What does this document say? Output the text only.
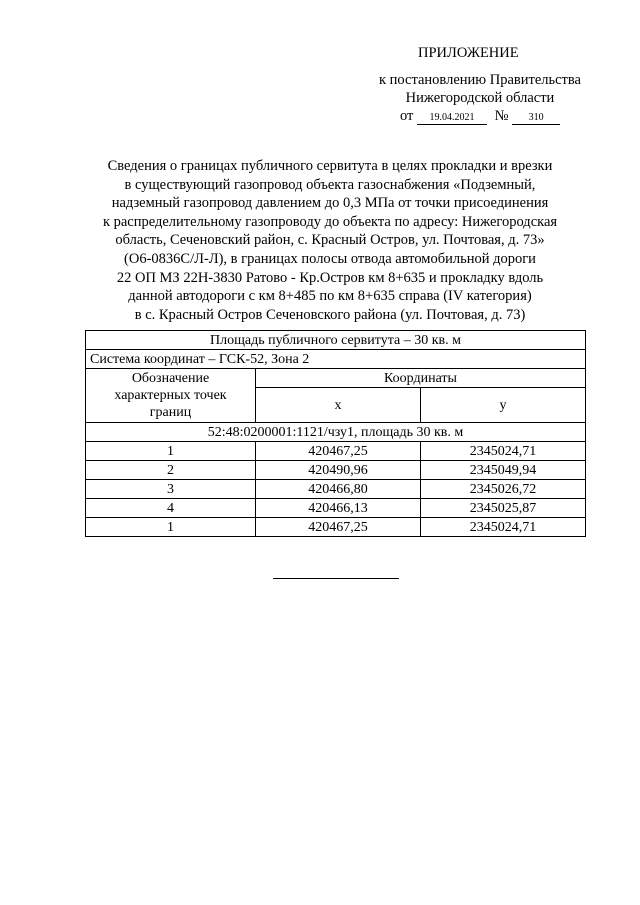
ПРИЛОЖЕНИЕ
к постановлению Правительства
Нижегородской области
от 19.04.2021 № 310
Сведения о границах публичного сервитута в целях прокладки и врезки
в существующий газопровод объекта газоснабжения «Подземный,
надземный газопровод давлением до 0,3 МПа от точки присоединения
к распределительному газопроводу до объекта по адресу: Нижегородская
область, Сеченовский район, с. Красный Остров, ул. Почтовая, д. 73»
(О6-0836С/Л-Л), в границах полосы отвода автомобильной дороги
22 ОП МЗ 22Н-3830 Ратово - Кр.Остров км 8+635 и прокладку вдоль
данной автодороги с км 8+485 по км 8+635 справа (IV категория)
в с. Красный Остров Сеченовского района (ул. Почтовая, д. 73)
Площадь публичного сервитута – 30 кв. м		
Система координат – ГСК-52, Зона 2		
Обозначение характерных точек границ	Координаты	
	x	y
52:48:0200001:1121/чзу1, площадь 30 кв. м		
1	420467,25	2345024,71
2	420490,96	2345049,94
3	420466,80	2345026,72
4	420466,13	2345025,87
1	420467,25	2345024,71
